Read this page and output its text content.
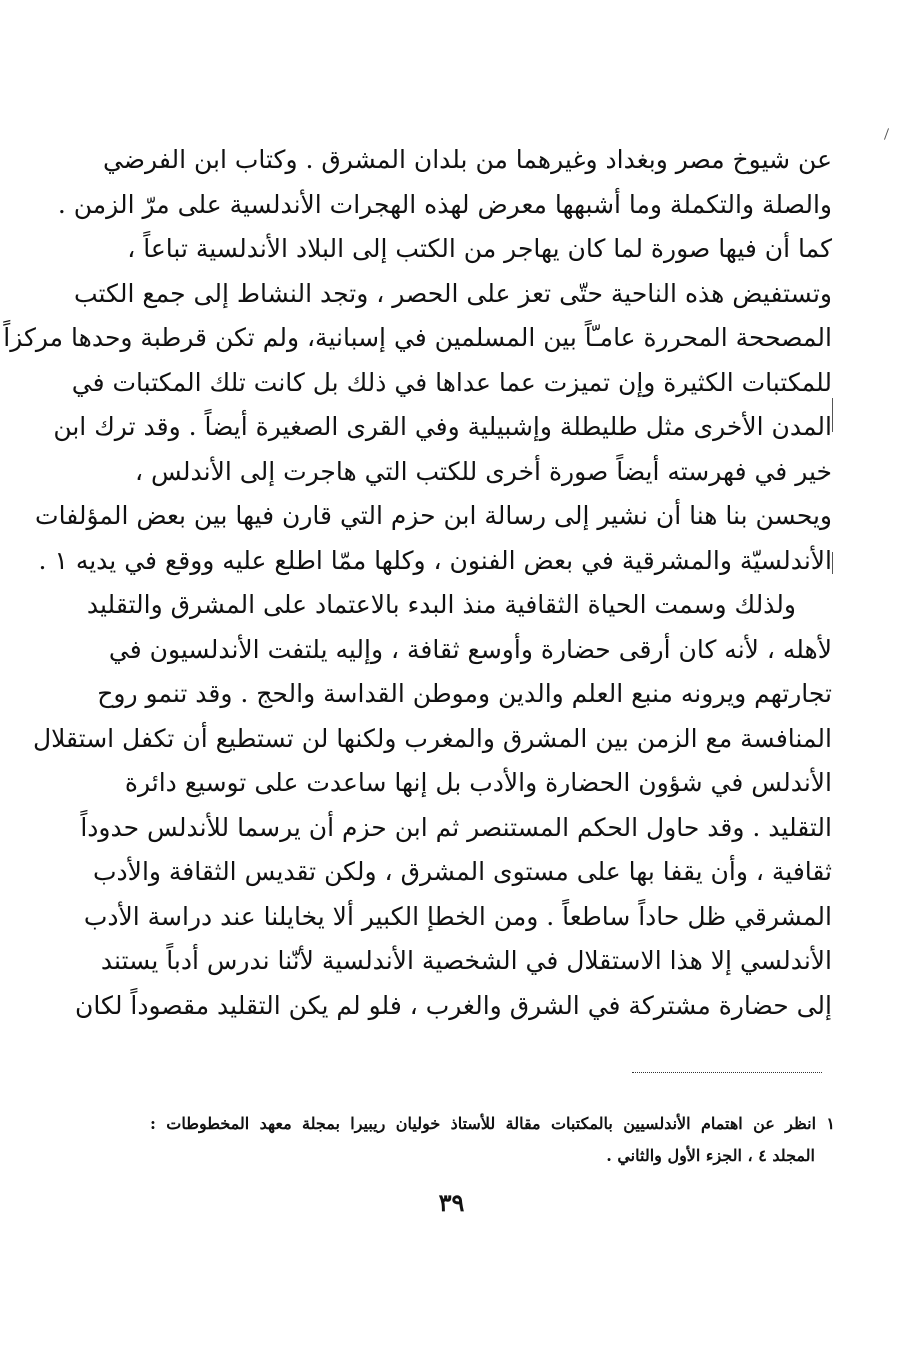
عن شيوخ مصر وبغداد وغيرهما من بلدان المشرق . وكتاب ابن الفرضي
والصلة والتكملة وما أشبهها معرض لهذه الهجرات الأندلسية على مرّ الزمن .
كما أن فيها صورة لما كان يهاجر من الكتب إلى البلاد الأندلسية تباعاً ،
وتستفيض هذه الناحية حتّى تعز على الحصر ، وتجد النشاط إلى جمع الكتب
المصححة المحررة عامـّاً بين المسلمين في إسبانية، ولم تكن قرطبة وحدها مركزاً
للمكتبات الكثيرة وإن تميزت عما عداها في ذلك بل كانت تلك المكتبات في
المدن الأخرى مثل طليطلة وإشبيلية وفي القرى الصغيرة أيضاً . وقد ترك ابن
خير في فهرسته أيضاً صورة أخرى للكتب التي هاجرت إلى الأندلس ،
ويحسن بنا هنا أن نشير إلى رسالة ابن حزم التي قارن فيها بين بعض المؤلفات
الأندلسيّة والمشرقية في بعض الفنون ، وكلها ممّا اطلع عليه ووقع في يديه ١ .
ولذلك وسمت الحياة الثقافية منذ البدء بالاعتماد على المشرق والتقليد
لأهله ، لأنه كان أرقى حضارة وأوسع ثقافة ، وإليه يلتفت الأندلسيون في
تجارتهم ويرونه منبع العلم والدين وموطن القداسة والحج . وقد تنمو روح
المنافسة مع الزمن بين المشرق والمغرب ولكنها لن تستطيع أن تكفل استقلال
الأندلس في شؤون الحضارة والأدب بل إنها ساعدت على توسيع دائرة
التقليد . وقد حاول الحكم المستنصر ثم ابن حزم أن يرسما للأندلس حدوداً
ثقافية ، وأن يقفا بها على مستوى المشرق ، ولكن تقديس الثقافة والأدب
المشرقي ظل حاداً ساطعاً . ومن الخطإ الكبير ألا يخايلنا عند دراسة الأدب
الأندلسي إلا هذا الاستقلال في الشخصية الأندلسية لأنّنا ندرس أدباً يستند
إلى حضارة مشتركة في الشرق والغرب ، فلو لم يكن التقليد مقصوداً لكان
١ انظر عن اهتمام الأندلسيين بالمكتبات مقالة للأستاذ خوليان ريبيرا بمجلة معهد المخطوطات :
المجلد ٤ ، الجزء الأول والثاني .
٣٩
